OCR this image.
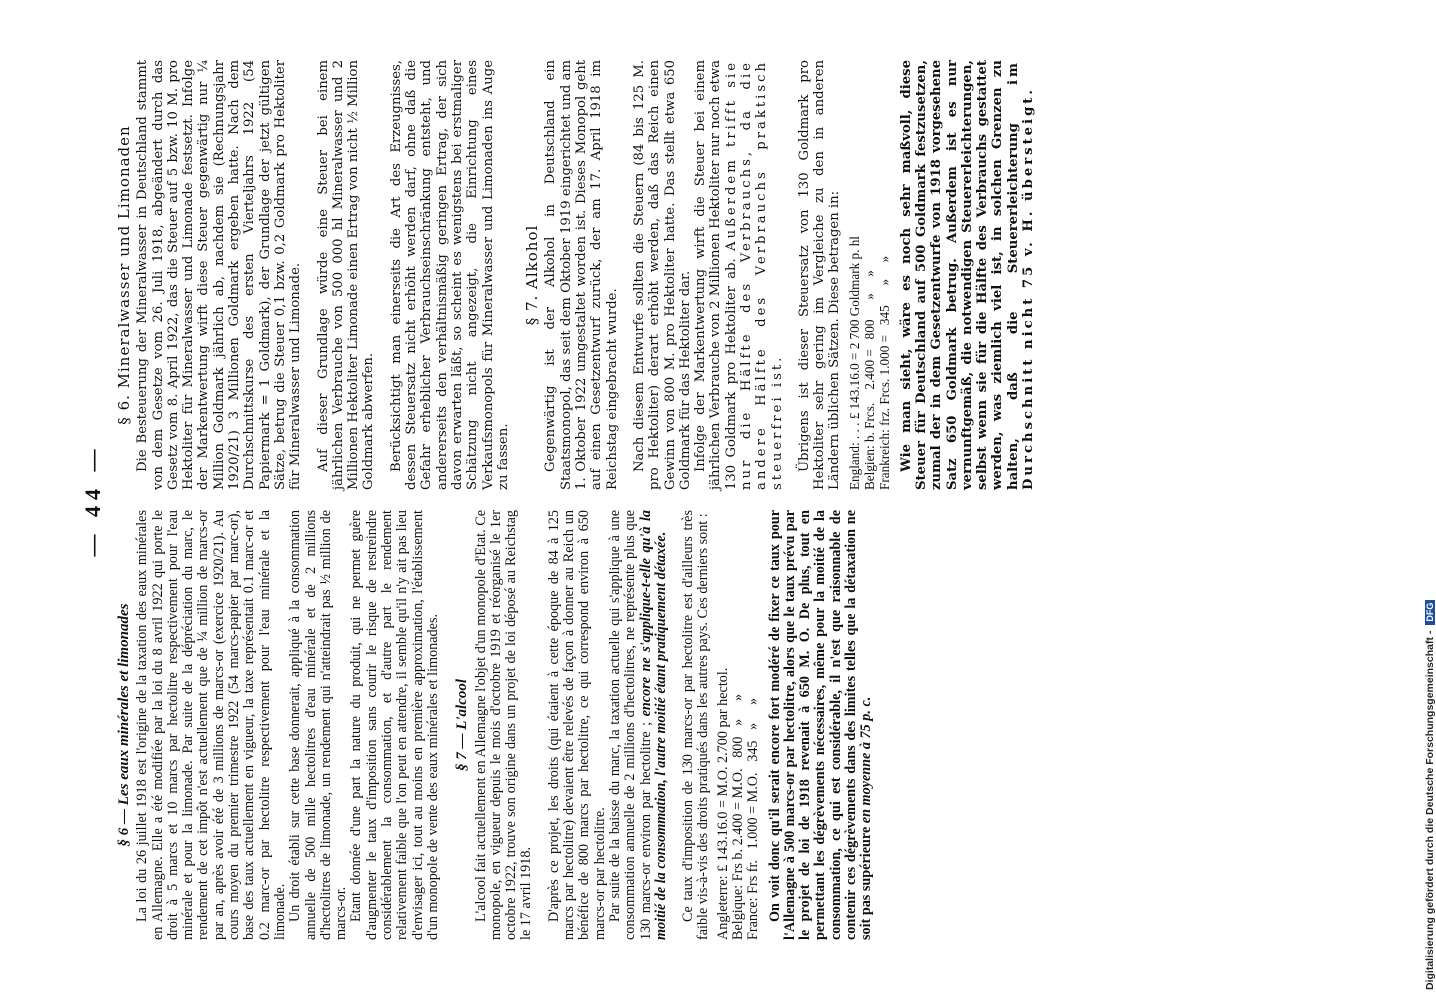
— 44 —
§ 6 — Les eaux minérales et limonades La loi du 26 juillet 1918 est l'origine de la taxation des eaux minérales en Allemagne. Elle a été modifiée par la loi du 8 avril 1922 qui porte le droit à 5 marcs et 10 marcs par hectolitre respectivement pour l'eau minérale et pour la limonade. Par suite de la dépréciation du marc, le rendement de cet impôt n'est actuellement que de ¼ million de marcs-or par an, après avoir été de 3 millions de marcs-or (exercice 1920/21). Au cours moyen du premier trimestre 1922 (54 marcs-papier par marc-or), base des taux actuellement en vigueur, la taxe représentait 0.1 marc-or et 0.2 marc-or par hectolitre respectivement pour l'eau minérale et la limonade. Un droit établi sur cette base donnerait, appliqué à la consommation annuelle de 500 mille hectolitres d'eau minérale et de 2 millions d'hectolitres de limonade, un rendement qui n'atteindrait pas ½ million de marcs-or. Etant donnée d'une part la nature du produit, qui ne permet guère d'augmenter le taux d'imposition sans courir le risque de restreindre considérablement la consommation, et d'autre part le rendement relativement faible que l'on peut en attendre, il semble qu'il n'y ait pas lieu d'envisager ici, tout au moins en première approximation, l'établissement d'un monopole de vente des eaux minérales et limonades. § 7 — L'alcool L'alcool fait actuellement en Allemagne l'objet d'un monopole d'Etat. Ce monopole, en vigueur depuis le mois d'octobre 1919 et réorganisé le 1er octobre 1922, trouve son origine dans un projet de loi déposé au Reichstag le 17 avril 1918. D'après ce projet, les droits (qui étaient à cette époque de 84 à 125 marcs par hectolitre) devaient être relevés de façon à donner au Reich un bénéfice de 800 marcs par hectolitre, ce qui correspond environ à 650 marcs-or par hectolitre. Par suite de la baisse du marc, la taxation actuelle qui s'applique à une consommation annuelle de 2 millions d'hectolitres, ne représente plus que 130 marcs-or environ par hectolitre ; encore ne s'applique-t-elle qu'à la moitié de la consommation, l'autre moitié étant pratiquement détaxée. Ce taux d'imposition de 130 marcs-or par hectolitre est d'ailleurs très faible vis-à-vis des droits pratiqués dans les autres pays. Ces derniers sont : Angleterre: £ 143.16.0 = M.O. 2.700 par hectol. Belgique: Frs b. 2.400 = M.O.   800   »     » France: Frs fr.   1.000 = M.O.   345   »     » On voit donc qu'il serait encore fort modéré de fixer ce taux pour l'Allemagne à 500 marcs-or par hectolitre, alors que le taux prévu par le projet de loi de 1918 revenait à 650 M. O. De plus, tout en permettant les dégrèvements nécessaires, même pour la moitié de la consommation, ce qui est considérable, il n'est que raisonnable de contenir ces dégrèvements dans des limites telles que la détaxation ne soit pas supérieure en moyenne à 75 p. c.

§ 6. Mineralwasser und Limonaden Die Besteuerung der Mineralwasser in Deutschland stammt von dem Gesetze vom 26. Juli 1918, abgeändert durch das Gesetz vom 8. April 1922, das die Steuer auf 5 bzw. 10 M. pro Hektoliter für Mineralwasser und Limonade festsetzt. Infolge der Markentwertung wirft diese Steuer gegenwärtig nur ¼ Million Goldmark jährlich ab, nachdem sie (Rechnungsjahr 1920/21) 3 Millionen Goldmark ergeben hatte. Nach dem Durchschnittskurse des ersten Vierteljahrs 1922 (54 Papiermark = 1 Goldmark), der Grundlage der jetzt gültigen Sätze, betrug die Steuer 0,1 bzw. 0,2 Goldmark pro Hektoliter für Mineralwasser und Limonade. Auf dieser Grundlage würde eine Steuer bei einem jährlichen Verbrauche von 500 000 hl Mineralwasser und 2 Millionen Hektoliter Limonade einen Ertrag von nicht ½ Million Goldmark abwerfen. Berücksichtigt man einerseits die Art des Erzeugnisses, dessen Steuersatz nicht erhöht werden darf, ohne daß die Gefahr erheblicher Verbrauchseinschränkung entsteht, und andererseits den verhältnismäßig geringen Ertrag, der sich davon erwarten läßt, so scheint es wenigstens bei erstmaliger Schätzung nicht angezeigt, die Einrichtung eines Verkaufsmonopols für Mineralwasser und Limonaden ins Auge zu fassen.

§ 7. Alkohol Gegenwärtig ist der Alkohol in Deutschland ein Staatsmonopol, das seit dem Oktober 1919 eingerichtet und am 1. Oktober 1922 umgestaltet worden ist. Dieses Monopol geht auf einen Gesetzentwurf zurück, der am 17. April 1918 im Reichstag eingebracht wurde. Nach diesem Entwurfe sollten die Steuern (84 bis 125 M. pro Hektoliter) derart erhöht werden, daß das Reich einen Gewinn von 800 M. pro Hektoliter hatte. Das stellt etwa 650 Goldmark für das Hektoliter dar. Infolge der Markentwertung wirft die Steuer bei einem jährlichen Verbrauche von 2 Millionen Hektoliter nur noch etwa 130 Goldmark pro Hektoliter ab. Außerdem trifft sie nur die Hälfte des Verbrauchs, da die andere Hälfte des Verbrauchs praktisch steuerfrei ist. Übrigens ist dieser Steuersatz von 130 Goldmark pro Hektoliter sehr gering im Vergleiche zu den in anderen Ländern üblichen Sätzen. Diese betragen in: England: . . . £ 143.16.0 = 2 700 Goldmark p. hl Belgien: b. Frcs.    2.400 =   800      »     » Frankreich: frz. Frcs. 1.000 =   345      »     » Wie man sieht, wäre es noch sehr maßvoll, diese Steuer für Deutschland auf 500 Goldmark festzusetzen, zumal der in dem Gesetzentwurfe von 1918 vorgesehene Satz 650 Goldmark betrug. Außerdem ist es nur vernunftgemäß, die notwendigen Steuererleichterungen, selbst wenn sie für die Hälfte des Verbrauchs gestattet werden, was ziemlich viel ist, in solchen Grenzen zu halten, daß die Steuererleichterung im Durchschnitt nicht 75 v. H. übersteigt.

Digitalisierung gefördert durch die Deutsche Forschungsgemeinschaft -DFG
